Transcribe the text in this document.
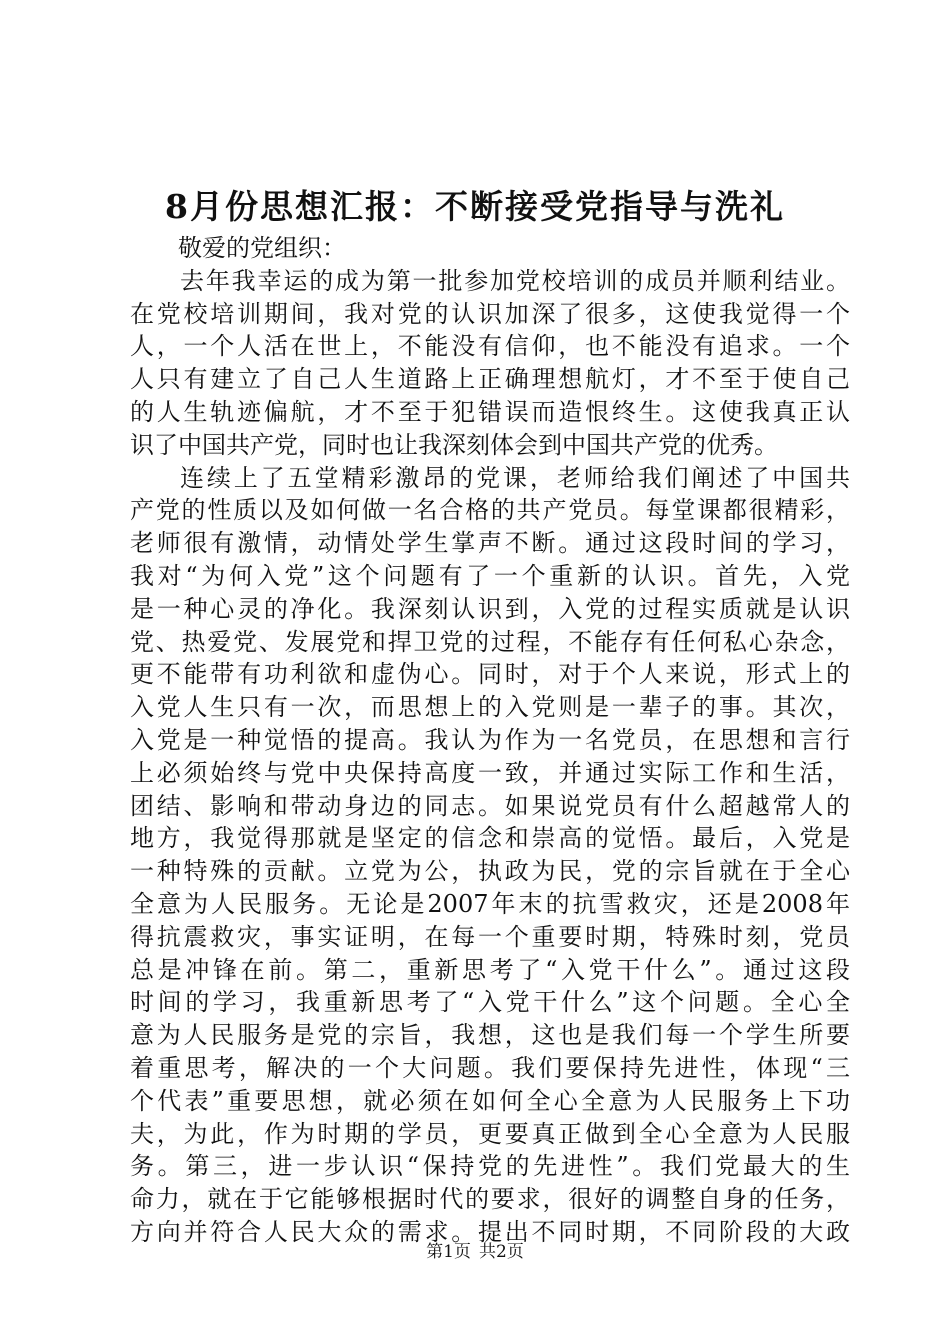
8月份思想汇报：不断接受党指导与洗礼
敬爱的党组织：
去年我幸运的成为第一批参加党校培训的成员并顺利结业。
在党校培训期间，我对党的认识加深了很多，这使我觉得一个
人，一个人活在世上，不能没有信仰，也不能没有追求。一个
人只有建立了自己人生道路上正确理想航灯，才不至于使自己
的人生轨迹偏航，才不至于犯错误而造恨终生。这使我真正认
识了中国共产党，同时也让我深刻体会到中国共产党的优秀。
连续上了五堂精彩激昂的党课，老师给我们阐述了中国共
产党的性质以及如何做一名合格的共产党员。每堂课都很精彩，
老师很有激情，动情处学生掌声不断。通过这段时间的学习，
我对“为何入党”这个问题有了一个重新的认识。首先，入党
是一种心灵的净化。我深刻认识到，入党的过程实质就是认识
党、热爱党、发展党和捍卫党的过程，不能存有任何私心杂念，
更不能带有功利欲和虚伪心。同时，对于个人来说，形式上的
入党人生只有一次，而思想上的入党则是一辈子的事。其次，
入党是一种觉悟的提高。我认为作为一名党员，在思想和言行
上必须始终与党中央保持高度一致，并通过实际工作和生活，
团结、影响和带动身边的同志。如果说党员有什么超越常人的
地方，我觉得那就是坚定的信念和崇高的觉悟。最后，入党是
一种特殊的贡献。立党为公，执政为民，党的宗旨就在于全心
全意为人民服务。无论是2007年末的抗雪救灾，还是2008年
得抗震救灾，事实证明，在每一个重要时期，特殊时刻，党员
总是冲锋在前。第二，重新思考了“入党干什么”。通过这段
时间的学习，我重新思考了“入党干什么”这个问题。全心全
意为人民服务是党的宗旨，我想，这也是我们每一个学生所要
着重思考，解决的一个大问题。我们要保持先进性，体现“三
个代表”重要思想，就必须在如何全心全意为人民服务上下功
夫，为此，作为时期的学员，更要真正做到全心全意为人民服
务。第三，进一步认识“保持党的先进性”。我们党最大的生
命力，就在于它能够根据时代的要求，很好的调整自身的任务，
方向并符合人民大众的需求。提出不同时期，不同阶段的大政
第1页 共2页
